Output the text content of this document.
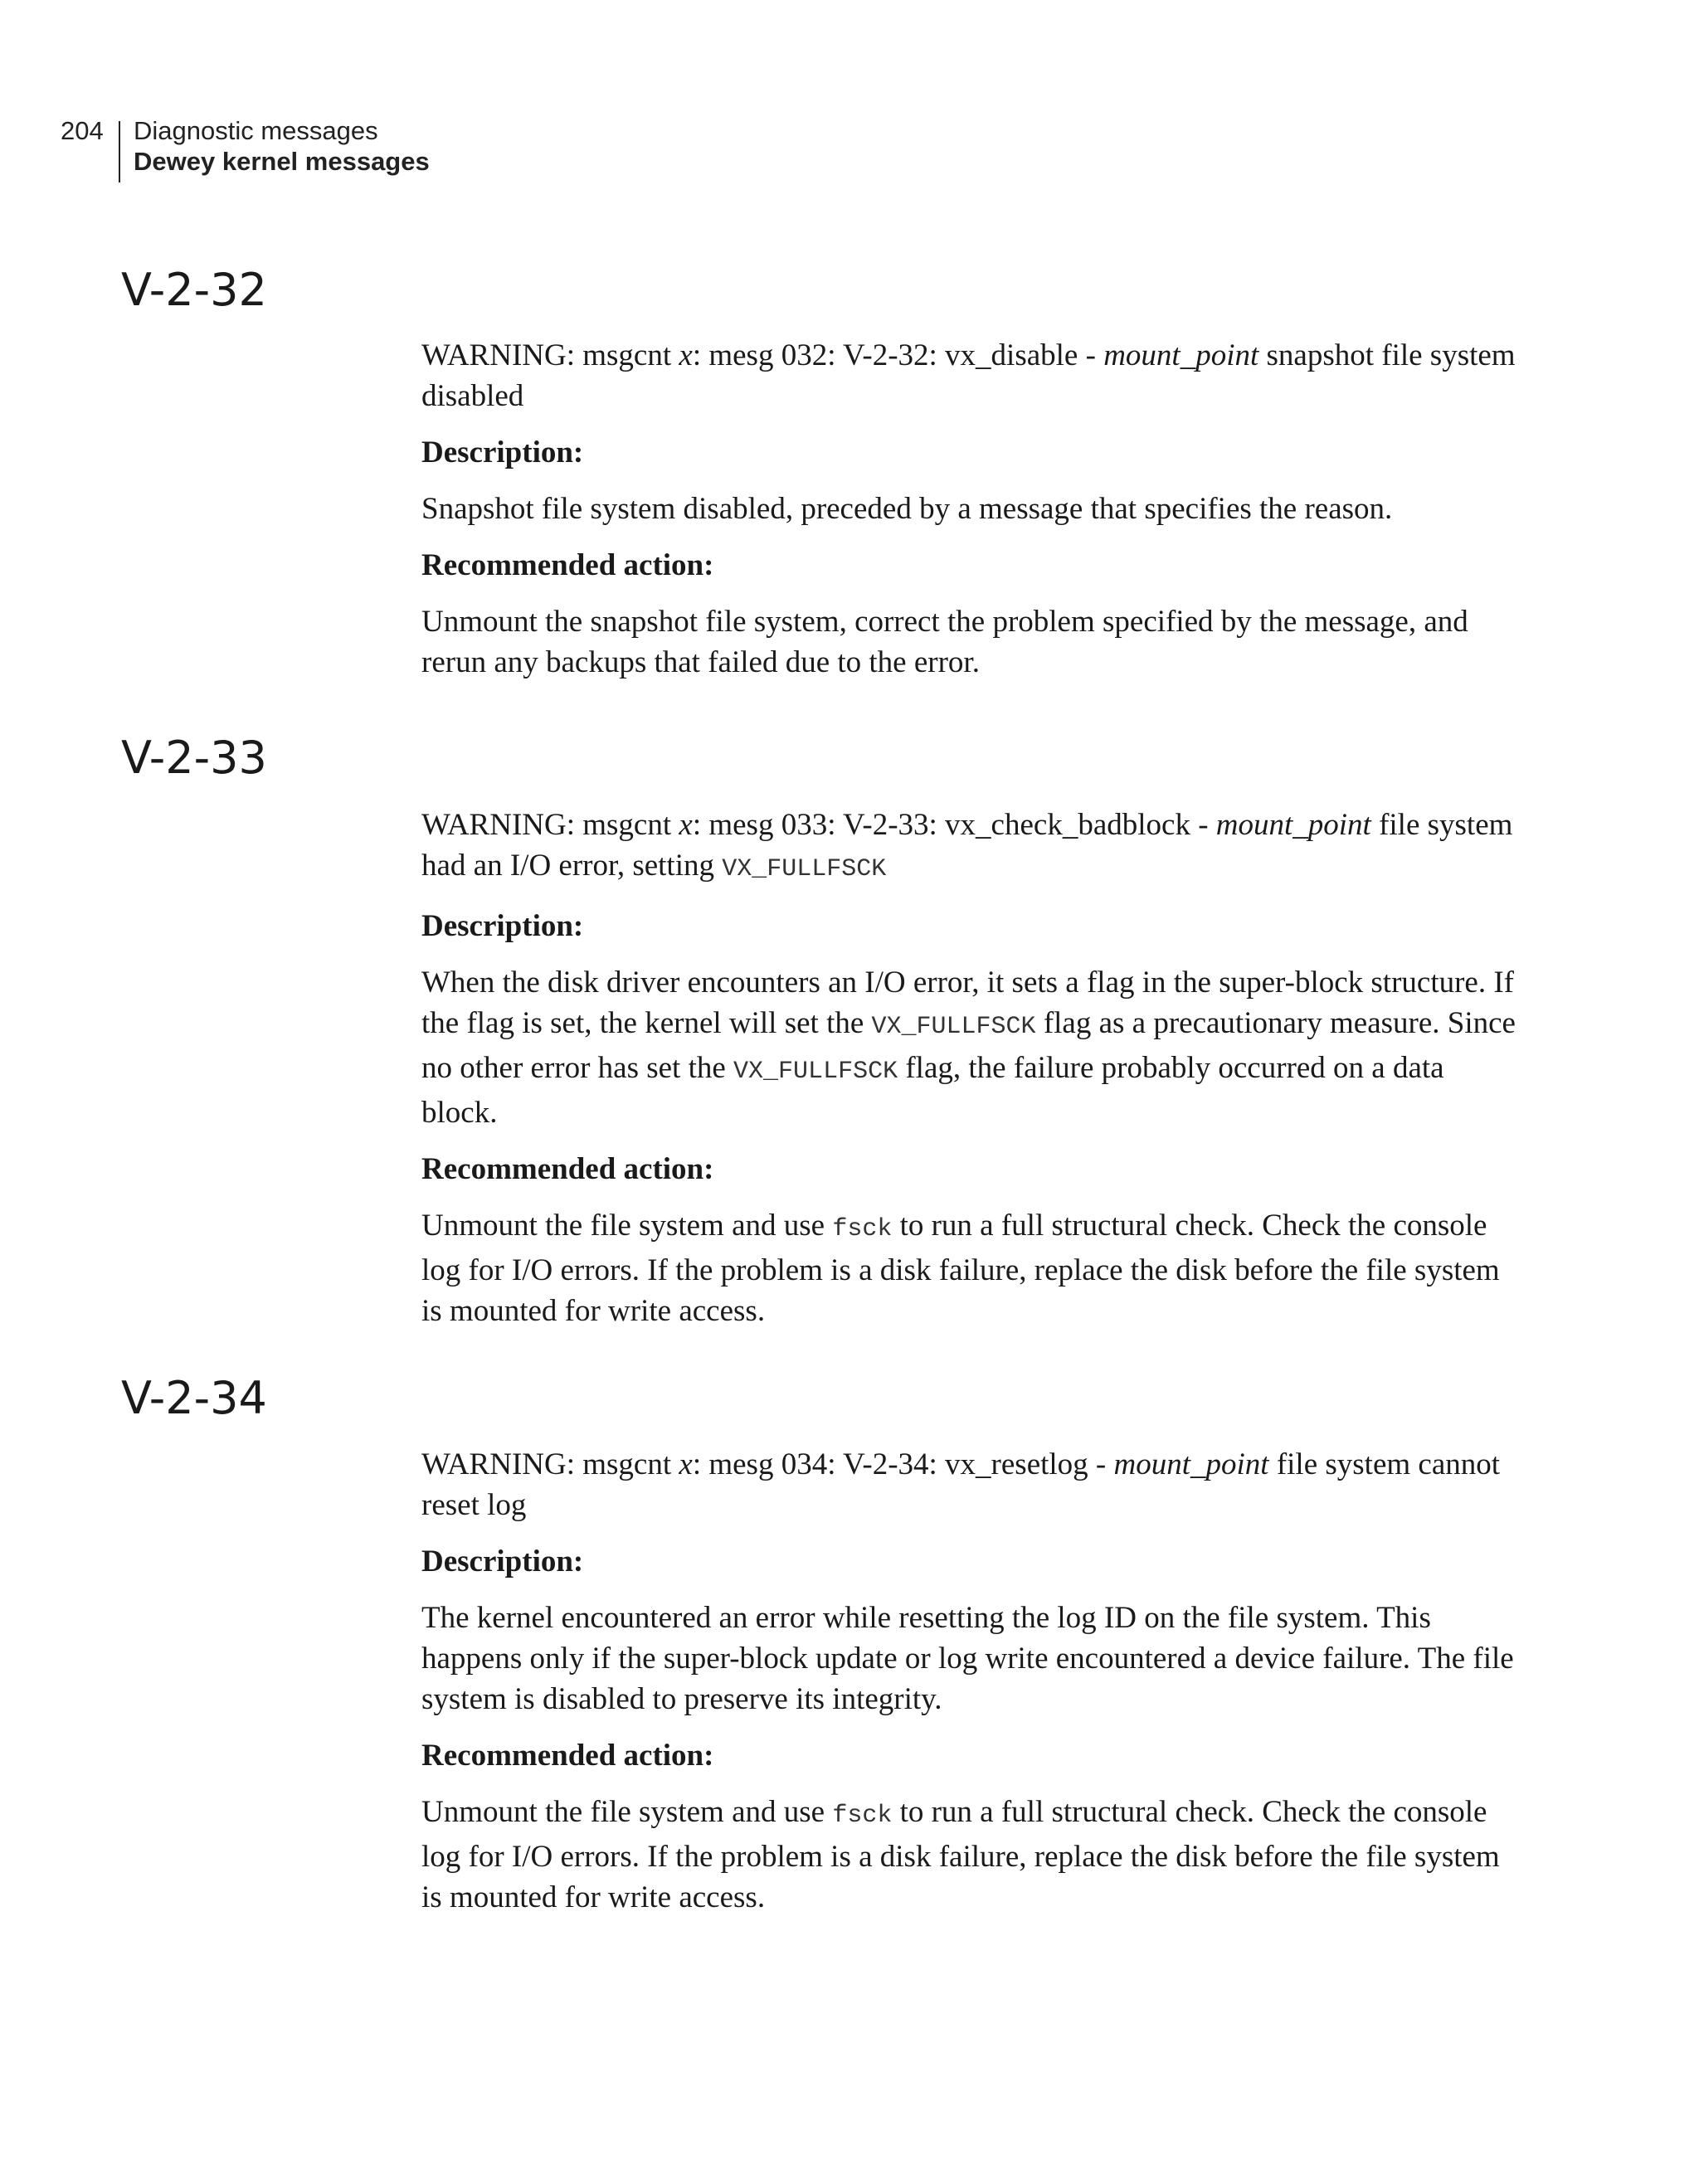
204 Diagnostic messages
Dewey kernel messages
V-2-32

WARNING: msgcnt x: mesg 032: V-2-32: vx_disable - mount_point snapshot file system disabled

Description:

Snapshot file system disabled, preceded by a message that specifies the reason.

Recommended action:

Unmount the snapshot file system, correct the problem specified by the message, and rerun any backups that failed due to the error.

V-2-33

WARNING: msgcnt x: mesg 033: V-2-33: vx_check_badblock - mount_point file system had an I/O error, setting VX_FULLFSCK

Description:

When the disk driver encounters an I/O error, it sets a flag in the super-block structure. If the flag is set, the kernel will set the VX_FULLFSCK flag as a precautionary measure. Since no other error has set the VX_FULLFSCK flag, the failure probably occurred on a data block.

Recommended action:

Unmount the file system and use fsck to run a full structural check. Check the console log for I/O errors. If the problem is a disk failure, replace the disk before the file system is mounted for write access.

V-2-34

WARNING: msgcnt x: mesg 034: V-2-34: vx_resetlog - mount_point file system cannot reset log

Description:

The kernel encountered an error while resetting the log ID on the file system. This happens only if the super-block update or log write encountered a device failure. The file system is disabled to preserve its integrity.

Recommended action:

Unmount the file system and use fsck to run a full structural check. Check the console log for I/O errors. If the problem is a disk failure, replace the disk before the file system is mounted for write access.
